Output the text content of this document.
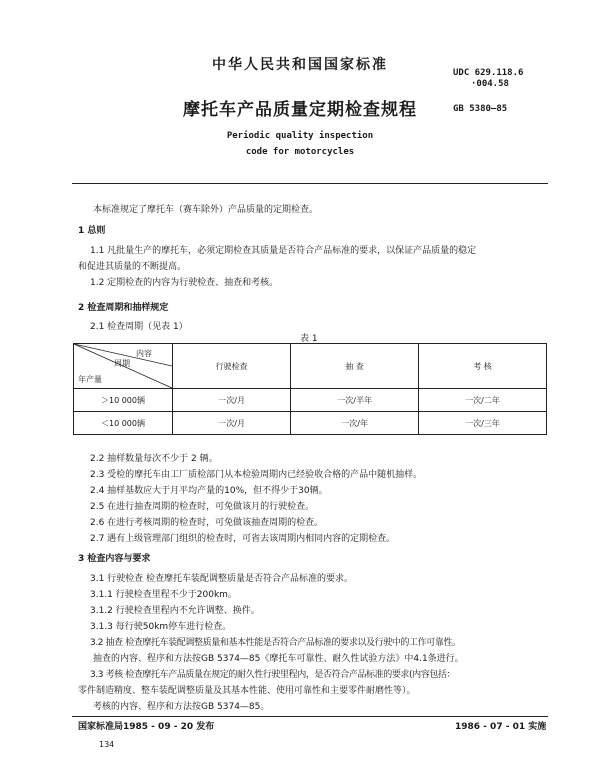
中华人民共和国国家标准	UDC 629.118.6
·004.58
摩托车产品质量定期检查规程	GB 5380—85
Periodic quality inspection
code for motorcycles
本标准规定了摩托车（赛车除外）产品质量的定期检查。
1 总则
1.1 凡批量生产的摩托车，必须定期检查其质量是否符合产品标准的要求，以保证产品质量的稳定
和促进其质量的不断提高。
1.2 定期检查的内容为行驶检查、抽查和考核。
2 检查周期和抽样规定
2.1 检查周期（见表 1）
表 1
内容
周期
年产量	行驶检查	抽 查	考 核
＞10 000辆	一次/月	一次/半年	一次/二年
＜10 000辆	一次/月	一次/年	一次/三年
2.2 抽样数量每次不少于 2 辆。
2.3 受检的摩托车由工厂质检部门从本检验周期内已经验收合格的产品中随机抽样。
2.4 抽样基数应大于月平均产量的10%，但不得少于30辆。
2.5 在进行抽查周期的检查时，可免做该月的行驶检查。
2.6 在进行考核周期的检查时，可免做该抽查周期的检查。
2.7 遇有上级管理部门组织的检查时，可省去该周期内相同内容的定期检查。
3 检查内容与要求
3.1 行驶检查 检查摩托车装配调整质量是否符合产品标准的要求。
3.1.1 行驶检查里程不少于200km。
3.1.2 行驶检查里程内不允许调整、换件。
3.1.3 每行驶50km停车进行检查。
3.2 抽查 检查摩托车装配调整质量和基本性能是否符合产品标准的要求以及行驶中的工作可靠性。
抽查的内容、程序和方法按GB 5374—85《摩托车可靠性、耐久性试验方法》中4.1条进行。
3.3 考核 检查摩托车产品质量在规定的耐久性行驶里程内，是否符合产品标准的要求(内容包括：
零件制造精度、整车装配调整质量及其基本性能、使用可靠性和主要零件耐磨性等）。
考核的内容、程序和方法按GB 5374—85。
国家标准局1985 - 09 - 20 发布	1986 - 07 - 01 实施
134
